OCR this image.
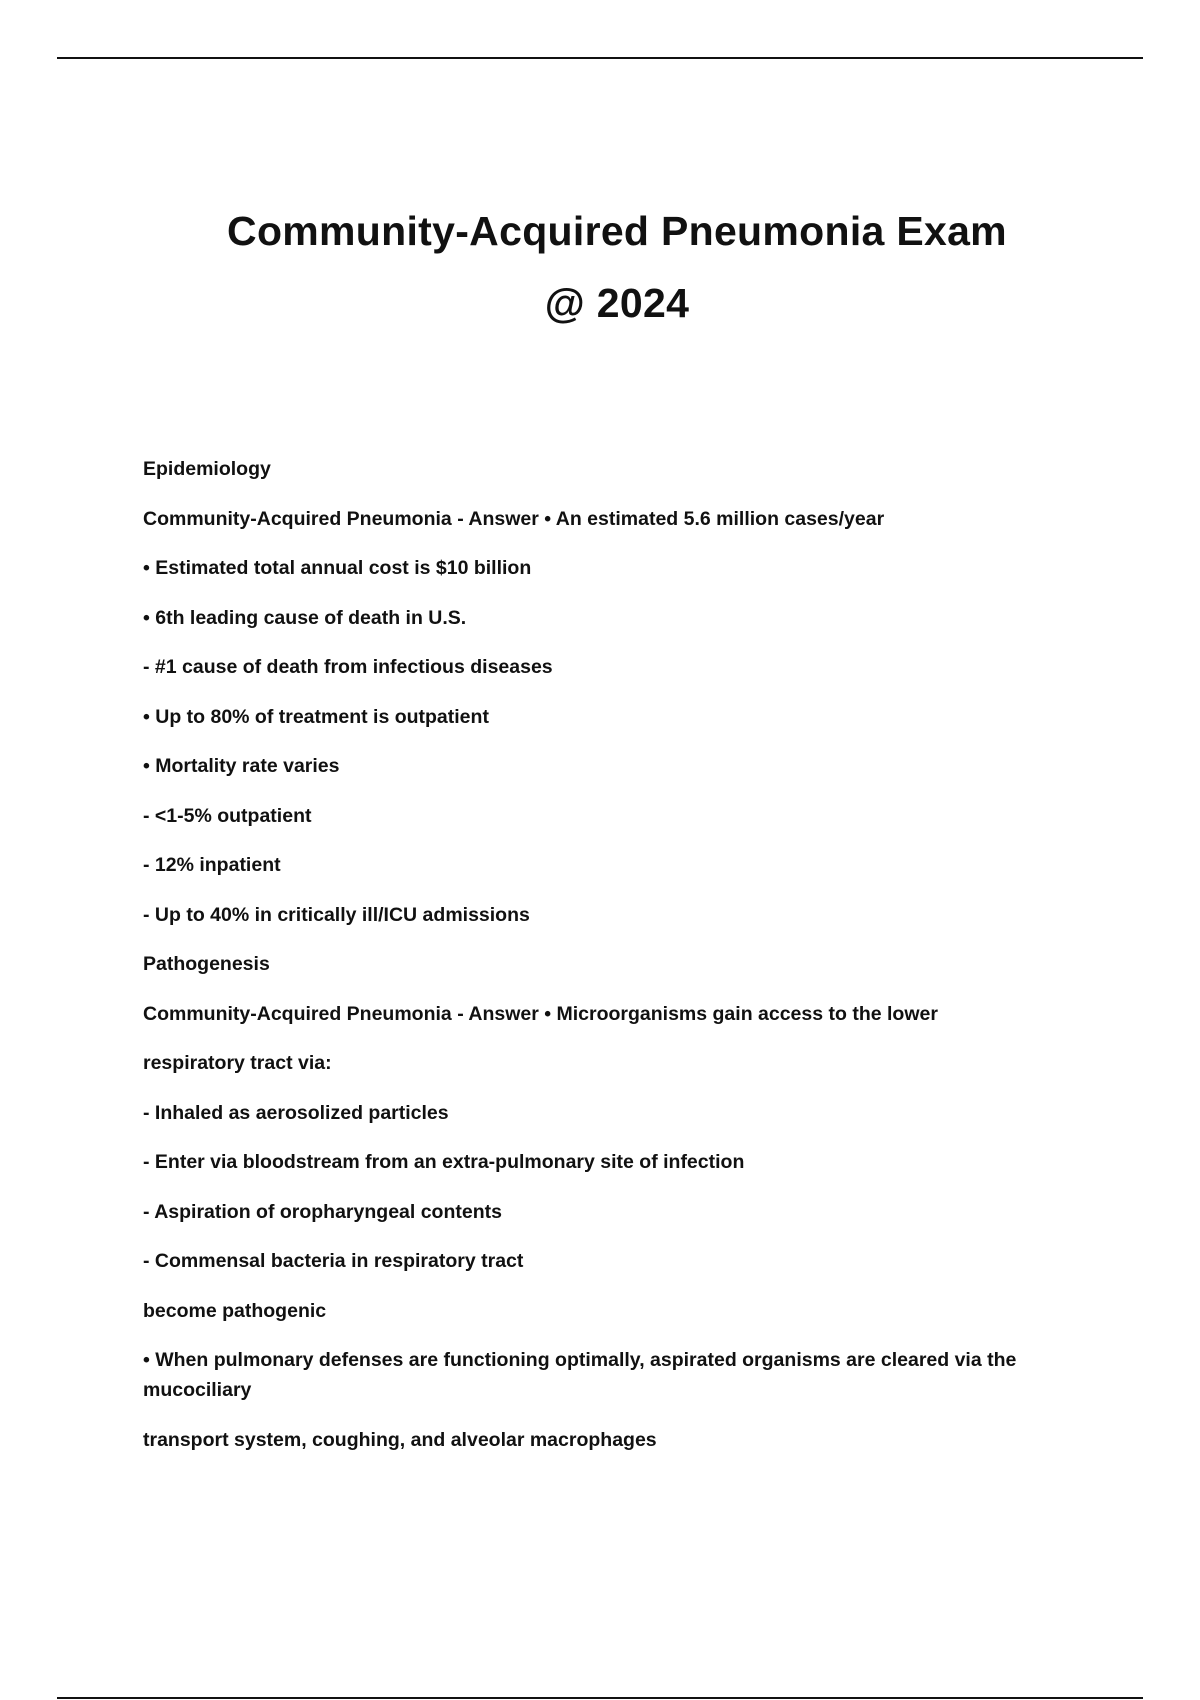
Community-Acquired Pneumonia Exam
@ 2024

Epidemiology

Community-Acquired Pneumonia - Answer • An estimated 5.6 million cases/year

• Estimated total annual cost is $10 billion

• 6th leading cause of death in U.S.

- #1 cause of death from infectious diseases

• Up to 80% of treatment is outpatient

• Mortality rate varies

- <1-5% outpatient

- 12% inpatient

- Up to 40% in critically ill/ICU admissions

Pathogenesis

Community-Acquired Pneumonia - Answer • Microorganisms gain access to the lower

respiratory tract via:

- Inhaled as aerosolized particles

- Enter via bloodstream from an extra-pulmonary site of infection

- Aspiration of oropharyngeal contents

- Commensal bacteria in respiratory tract

become pathogenic

• When pulmonary defenses are functioning optimally, aspirated organisms are cleared via the mucociliary

transport system, coughing, and alveolar macrophages
